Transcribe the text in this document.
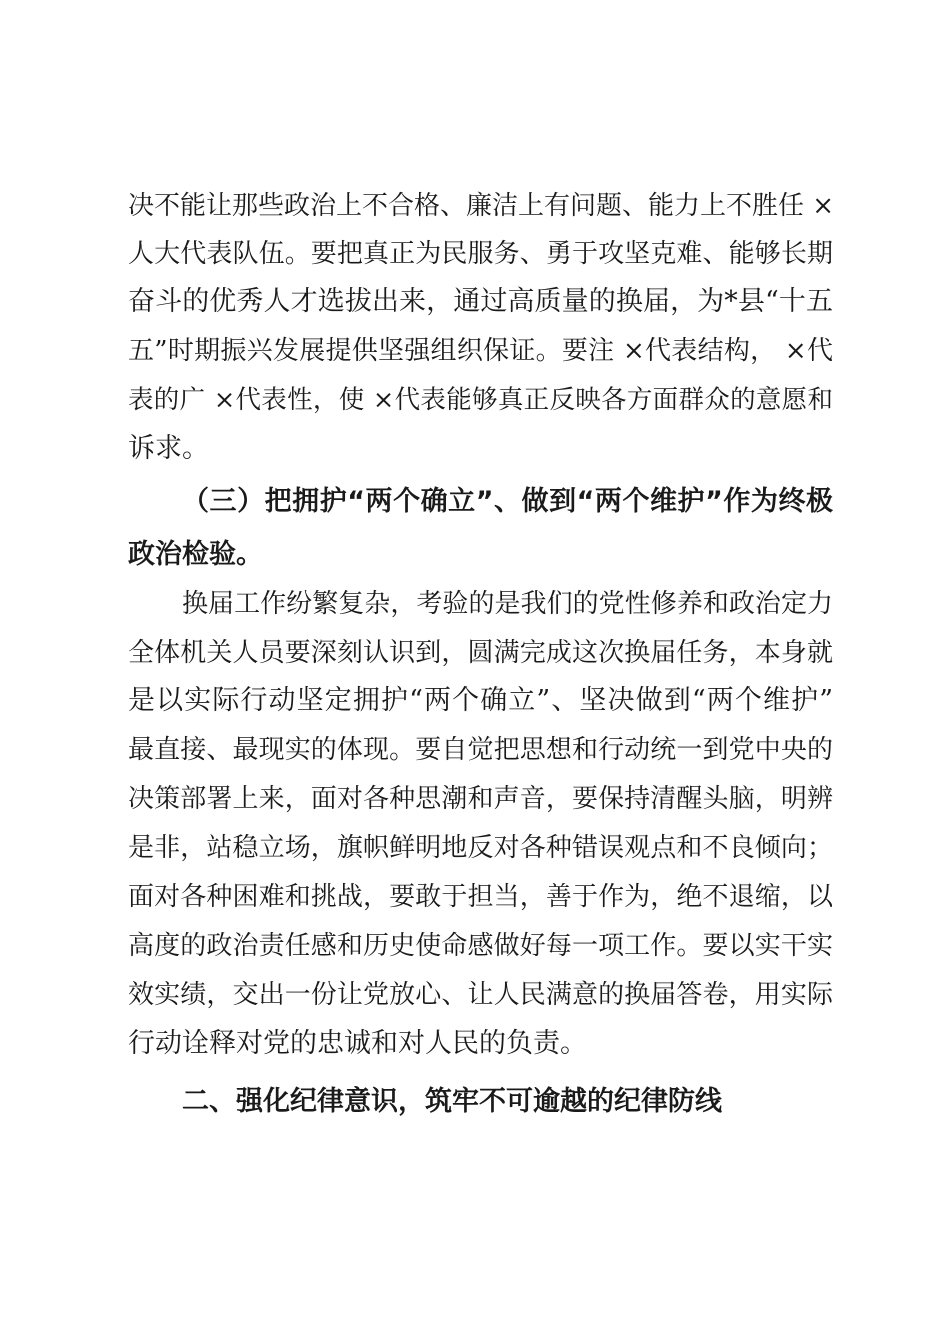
决不能让那些政治上不合格、廉洁上有问题、能力上不胜任 ×
人大代表队伍。要把真正为民服务、勇于攻坚克难、能够长期
奋斗的优秀人才选拔出来，通过高质量的换届，为*县“十五
五”时期振兴发展提供坚强组织保证。要注 ×代表结构， ×代
表的广 ×代表性，使 ×代表能够真正反映各方面群众的意愿和
诉求。
（三）把拥护“两个确立”、做到“两个维护”作为终极
政治检验。
换届工作纷繁复杂，考验的是我们的党性修养和政治定力
全体机关人员要深刻认识到，圆满完成这次换届任务，本身就
是以实际行动坚定拥护“两个确立”、坚决做到“两个维护”
最直接、最现实的体现。要自觉把思想和行动统一到党中央的
决策部署上来，面对各种思潮和声音，要保持清醒头脑，明辨
是非，站稳立场，旗帜鲜明地反对各种错误观点和不良倾向；
面对各种困难和挑战，要敢于担当，善于作为，绝不退缩，以
高度的政治责任感和历史使命感做好每一项工作。要以实干实
效实绩，交出一份让党放心、让人民满意的换届答卷，用实际
行动诠释对党的忠诚和对人民的负责。
二、强化纪律意识，筑牢不可逾越的纪律防线
